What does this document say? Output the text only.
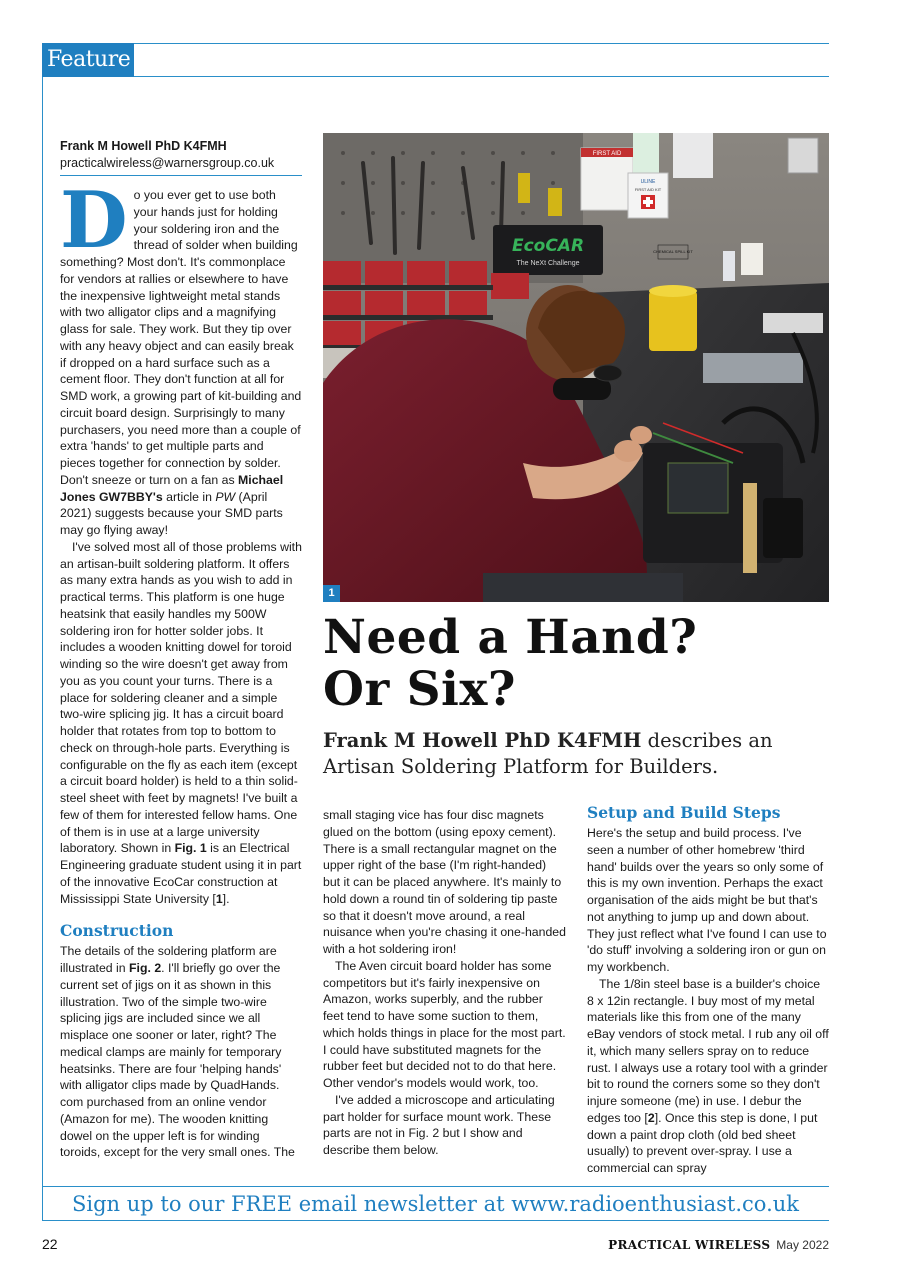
Feature
Frank M Howell PhD K4FMH
practicalwireless@warnersgroup.co.uk

Do you ever get to use both your hands just for holding your soldering iron and the thread of solder when building something? Most don't. It's commonplace for vendors at rallies or elsewhere to have the inexpensive lightweight metal stands with two alligator clips and a magnifying glass for sale. They work. But they tip over with any heavy object and can easily break if dropped on a hard surface such as a cement floor. They don't function at all for SMD work, a growing part of kit-building and circuit board design. Surprisingly to many purchasers, you need more than a couple of extra 'hands' to get multiple parts and pieces together for connection by solder. Don't sneeze or turn on a fan as Michael Jones GW7BBY's article in PW (April 2021) suggests because your SMD parts may go flying away!

I've solved most all of those problems with an artisan-built soldering platform. It offers as many extra hands as you wish to add in practical terms. This platform is one huge heatsink that easily handles my 500W soldering iron for hotter solder jobs. It includes a wooden knitting dowel for toroid winding so the wire doesn't get away from you as you count your turns. There is a place for soldering cleaner and a simple two-wire splicing jig. It has a circuit board holder that rotates from top to bottom to check on through-hole parts. Everything is configurable on the fly as each item (except a circuit board holder) is held to a thin solid-steel sheet with feet by magnets! I've built a few of them for interested fellow hams. One of them is in use at a large university laboratory. Shown in Fig. 1 is an Electrical Engineering graduate student using it in part of the innovative EcoCar construction at Mississippi State University [1].

Construction

The details of the soldering platform are illustrated in Fig. 2. I'll briefly go over the current set of jigs on it as shown in this illustration. Two of the simple two-wire splicing jigs are included since we all misplace one sooner or later, right? The medical clamps are mainly for temporary heatsinks. There are four 'helping hands' with alligator clips made by QuadHands. com purchased from an online vendor (Amazon for me). The wooden knitting dowel on the upper left is for winding toroids, except for the very small ones. The

FIRST AID
ULINE
FIRST AID KIT
EcoCAR
The NeXt Challenge
CHEMICAL SPILL KIT
1
Need a Hand?
Or Six?
Frank M Howell PhD K4FMH describes an Artisan Soldering Platform for Builders.

small staging vice has four disc magnets glued on the bottom (using epoxy cement). There is a small rectangular magnet on the upper right of the base (I'm right-handed) but it can be placed anywhere. It's mainly to hold down a round tin of soldering tip paste so that it doesn't move around, a real nuisance when you're chasing it one-handed with a hot soldering iron!

The Aven circuit board holder has some competitors but it's fairly inexpensive on Amazon, works superbly, and the rubber feet tend to have some suction to them, which holds things in place for the most part. I could have substituted magnets for the rubber feet but decided not to do that here. Other vendor's models would work, too.

I've added a microscope and articulating part holder for surface mount work. These parts are not in Fig. 2 but I show and describe them below.

Setup and Build Steps

Here's the setup and build process. I've seen a number of other homebrew 'third hand' builds over the years so only some of this is my own invention. Perhaps the exact organisation of the aids might be but that's not anything to jump up and down about. They just reflect what I've found I can use to 'do stuff' involving a soldering iron or gun on my workbench.

The 1/8in steel base is a builder's choice 8 x 12in rectangle. I buy most of my metal materials like this from one of the many eBay vendors of stock metal. I rub any oil off it, which many sellers spray on to reduce rust. I always use a rotary tool with a grinder bit to round the corners some so they don't injure someone (me) in use. I debur the edges too [2]. Once this step is done, I put down a paint drop cloth (old bed sheet usually) to prevent over-spray. I use a commercial can spray

Sign up to our FREE email newsletter at www.radioenthusiast.co.uk
22	PRACTICAL WIRELESS May 2022
